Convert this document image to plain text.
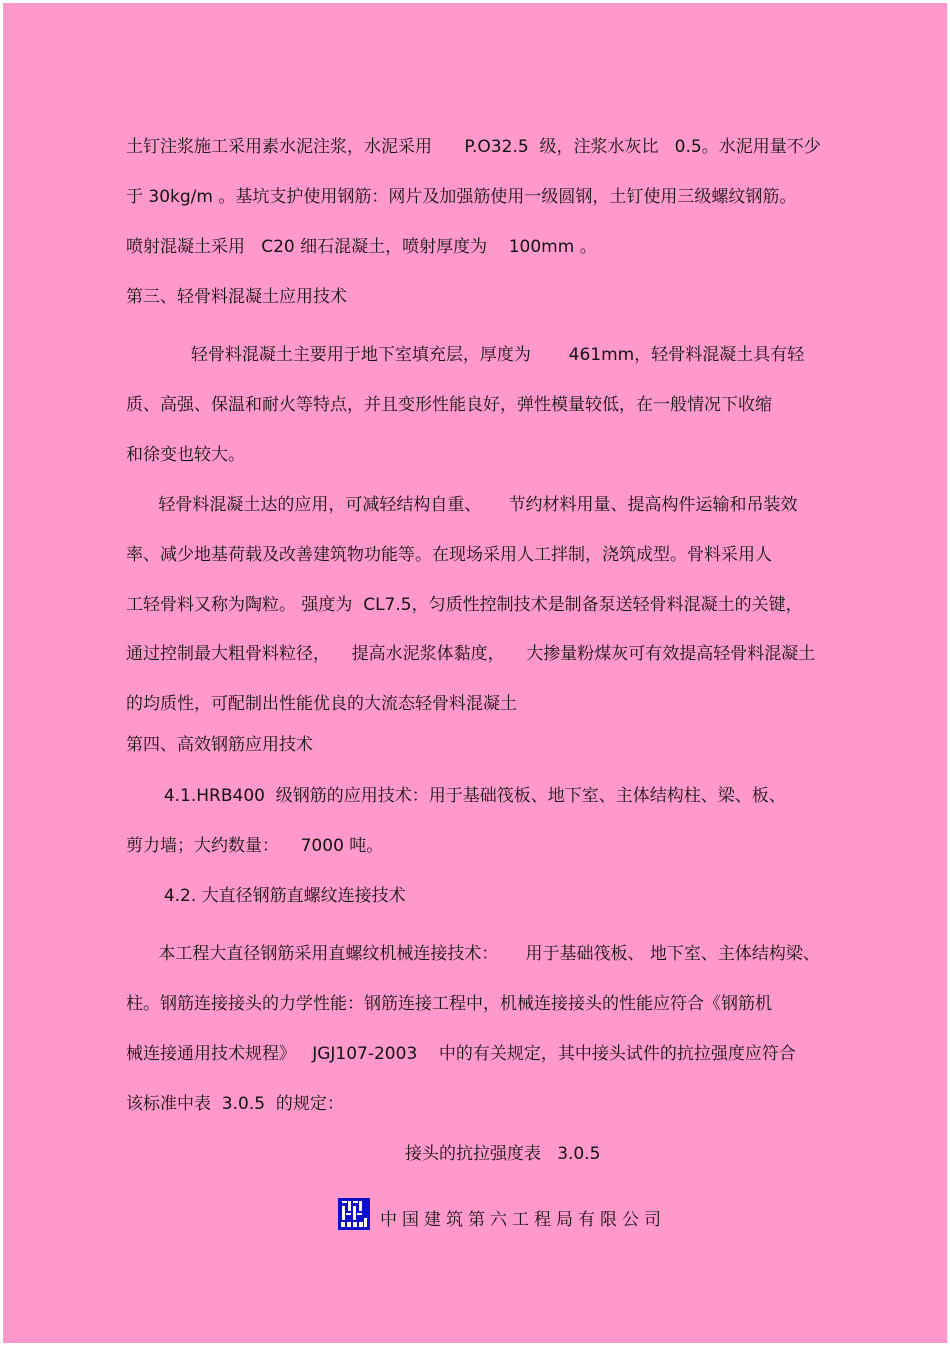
土钉注浆施工采用素水泥注浆，水泥采用      P.O32.5  级，注浆水灰比   0.5。水泥用量不少
于 30kg/m 。基坑支护使用钢筋：网片及加强筋使用一级圆钢，土钉使用三级螺纹钢筋。
喷射混凝土采用   C20 细石混凝土，喷射厚度为    100mm 。
第三、轻骨料混凝土应用技术
轻骨料混凝土主要用于地下室填充层，厚度为       461mm，轻骨料混凝土具有轻
质、高强、保温和耐火等特点，并且变形性能良好，弹性模量较低，在一般情况下收缩
和徐变也较大。
轻骨料混凝土达的应用，可减轻结构自重、     节约材料用量、提高构件运输和吊装效
率、减少地基荷载及改善建筑物功能等。在现场采用人工拌制，浇筑成型。骨料采用人
工轻骨料又称为陶粒。 强度为  CL7.5，匀质性控制技术是制备泵送轻骨料混凝土的关键，
通过控制最大粗骨料粒径，    提高水泥浆体黏度，    大掺量粉煤灰可有效提高轻骨料混凝土
的均质性，可配制出性能优良的大流态轻骨料混凝土
第四、高效钢筋应用技术
4.1.HRB400  级钢筋的应用技术：用于基础筏板、地下室、主体结构柱、梁、板、
剪力墙；大约数量：    7000 吨。
4.2. 大直径钢筋直螺纹连接技术
本工程大直径钢筋采用直螺纹机械连接技术：     用于基础筏板、 地下室、主体结构梁、
柱。钢筋连接接头的力学性能：钢筋连接工程中，机械连接接头的性能应符合《钢筋机
械连接通用技术规程》   JGJ107-2003    中的有关规定，其中接头试件的抗拉强度应符合
该标准中表  3.0.5  的规定：
接头的抗拉强度表   3.0.5
中国建筑第六工程局有限公司
